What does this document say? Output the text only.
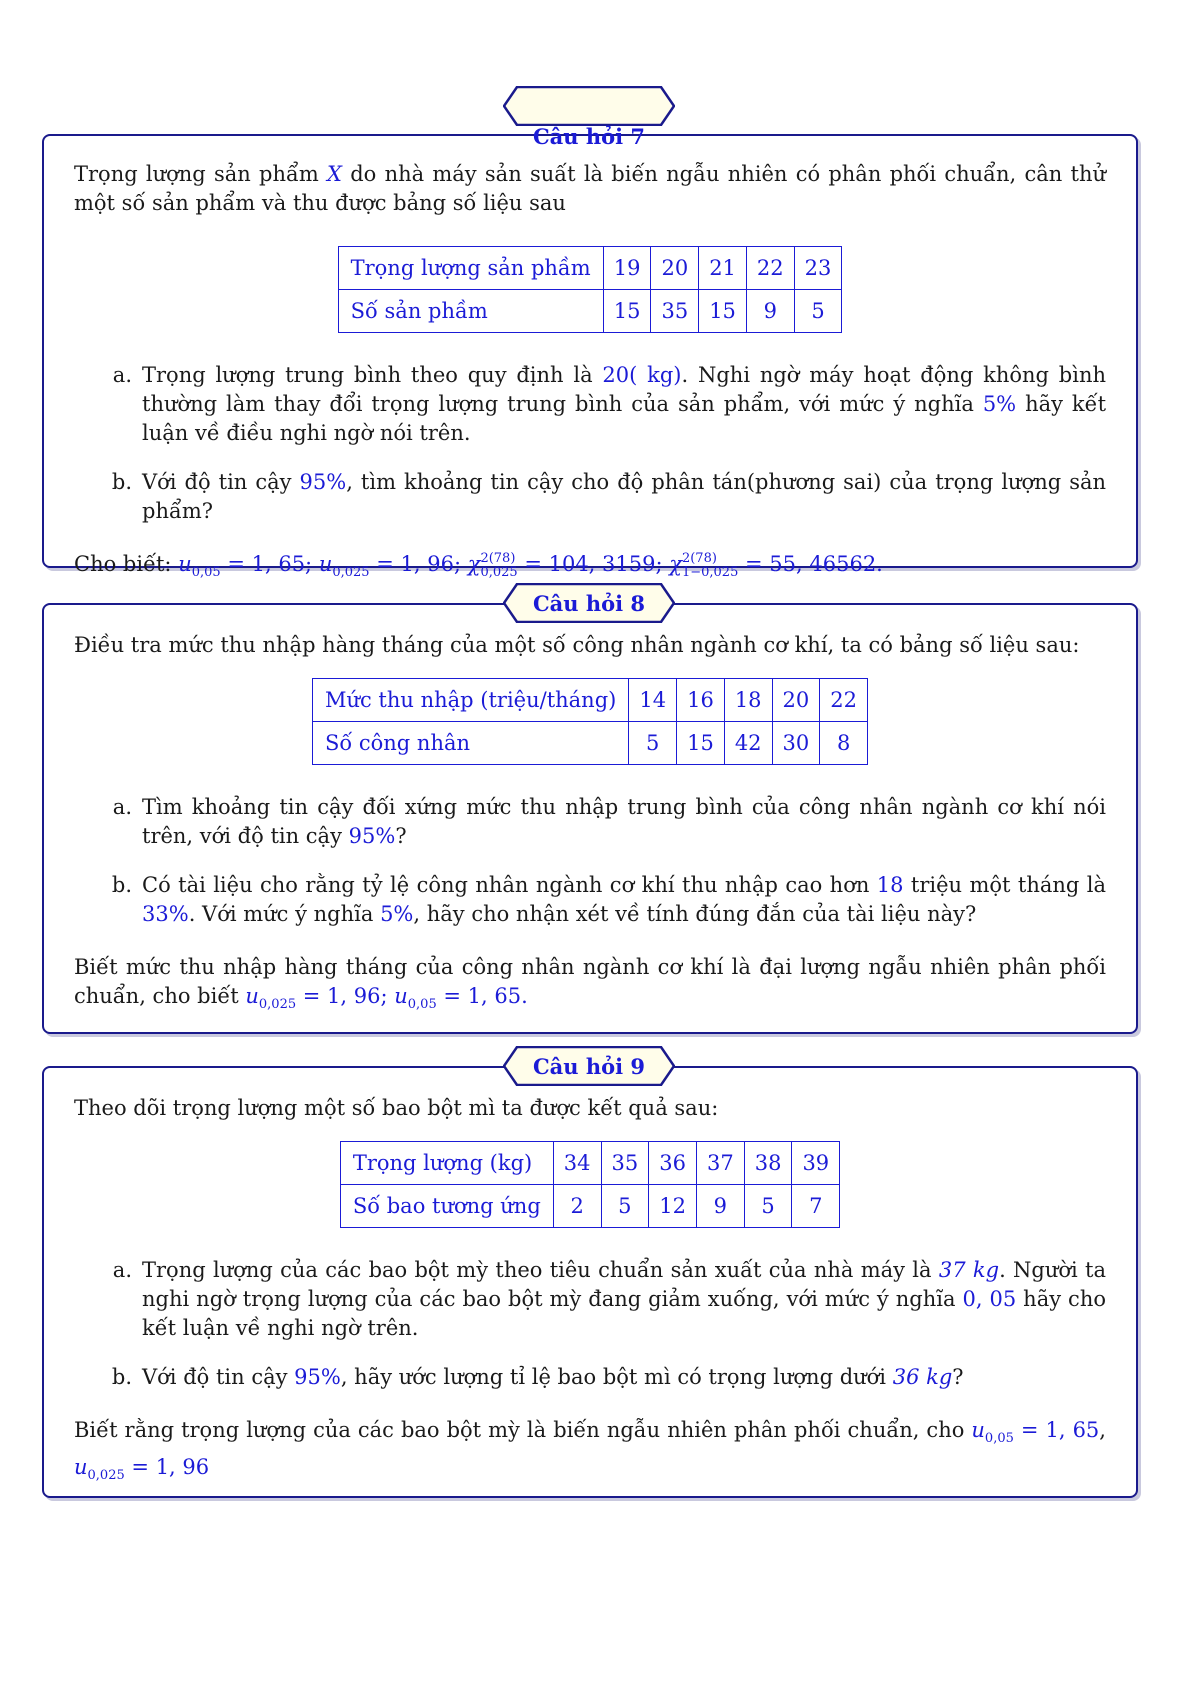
Trọng lượng sản phẩm X do nhà máy sản suất là biến ngẫu nhiên có phân phối chuẩn, cân thử một số sản phẩm và thu được bảng số liệu sau

Trọng lượng sản phầm	19	20	21	22	23
Số sản phầm	15	35	15	9	5
a. Trọng lượng trung bình theo quy định là 20( kg). Nghi ngờ máy hoạt động không bình thường làm thay đổi trọng lượng trung bình của sản phẩm, với mức ý nghĩa 5% hãy kết luận về điều nghi ngờ nói trên.
b. Với độ tin cậy 95%, tìm khoảng tin cậy cho độ phân tán(phương sai) của trọng lượng sản phẩm?

Cho biết: $u_{0,05} = 1$, 65; $u_{0,025} = 1$, 96; χ 2(78)
0,025 = 104, 3159; χ 2(78)
1−0,025 = 55, 46562.

Câu hỏi 7

Điều tra mức thu nhập hàng tháng của một số công nhân ngành cơ khí, ta có bảng số liệu sau:

Mức thu nhập (triệu/tháng)	14	16	18	20	22
Số công nhân	5	15	42	30	8
a. Tìm khoảng tin cậy đối xứng mức thu nhập trung bình của công nhân ngành cơ khí nói trên, với độ tin cậy 95%?
b. Có tài liệu cho rằng tỷ lệ công nhân ngành cơ khí thu nhập cao hơn 18 triệu một tháng là 33%. Với mức ý nghĩa 5%, hãy cho nhận xét về tính đúng đắn của tài liệu này?

Biết mức thu nhập hàng tháng của công nhân ngành cơ khí là đại lượng ngẫu nhiên phân phối chuẩn, cho biết $u_{0,025} = 1$, 96; $u_{0,05} = 1$, 65.

Câu hỏi 8

Theo dõi trọng lượng một số bao bột mì ta được kết quả sau:

Trọng lượng (kg)	34	35	36	37	38	39
Số bao tương ứng	2	5	12	9	5	7
a. Trọng lượng của các bao bột mỳ theo tiêu chuẩn sản xuất của nhà máy là 37 kg. Người ta nghi ngờ trọng lượng của các bao bột mỳ đang giảm xuống, với mức ý nghĩa 0, 05 hãy cho kết luận về nghi ngờ trên.
b. Với độ tin cậy 95%, hãy ước lượng tỉ lệ bao bột mì có trọng lượng dưới 36 kg?

Biết rằng trọng lượng của các bao bột mỳ là biến ngẫu nhiên phân phối chuẩn, cho $u_{0,05} = 1$, 65, $u_{0,025} = 1$, 96

Câu hỏi 9
